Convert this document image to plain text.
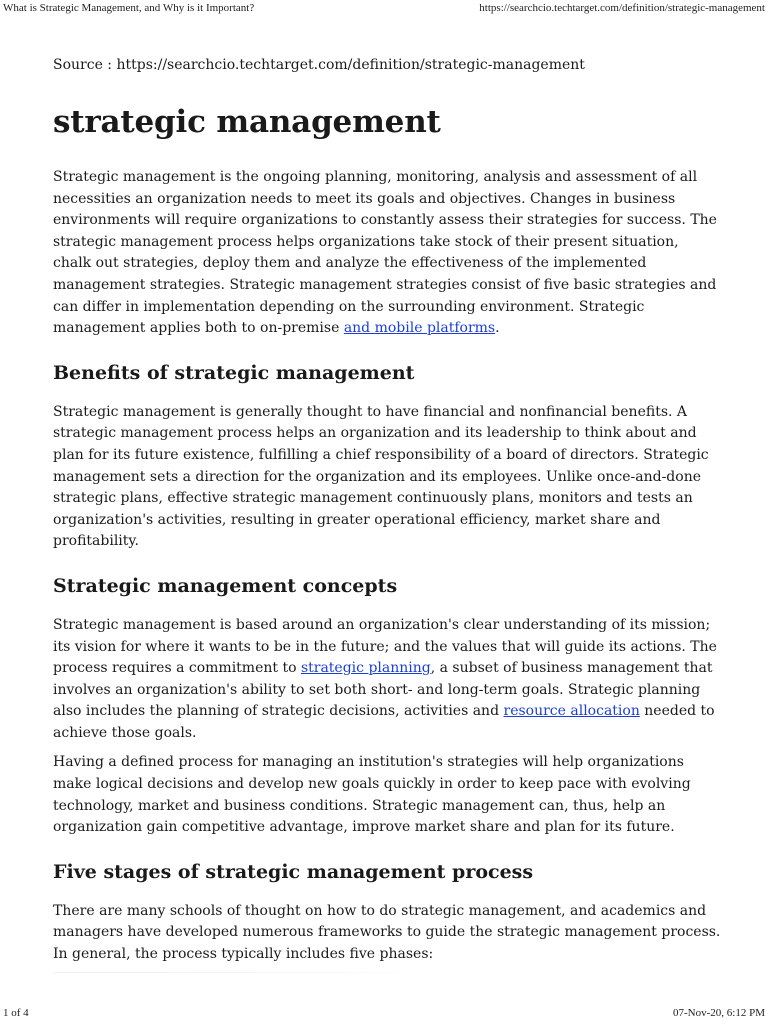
What is Strategic Management, and Why is it Important?	https://searchcio.techtarget.com/definition/strategic-management

Source : https://searchcio.techtarget.com/definition/strategic-management

strategic management

Strategic management is the ongoing planning, monitoring, analysis and assessment of all necessities an organization needs to meet its goals and objectives. Changes in business environments will require organizations to constantly assess their strategies for success. The strategic management process helps organizations take stock of their present situation, chalk out strategies, deploy them and analyze the effectiveness of the implemented management strategies. Strategic management strategies consist of five basic strategies and can differ in implementation depending on the surrounding environment. Strategic management applies both to on-premise and mobile platforms.

Benefits of strategic management

Strategic management is generally thought to have financial and nonfinancial benefits. A strategic management process helps an organization and its leadership to think about and plan for its future existence, fulfilling a chief responsibility of a board of directors. Strategic management sets a direction for the organization and its employees. Unlike once-and-done strategic plans, effective strategic management continuously plans, monitors and tests an organization's activities, resulting in greater operational efficiency, market share and profitability.

Strategic management concepts

Strategic management is based around an organization's clear understanding of its mission; its vision for where it wants to be in the future; and the values that will guide its actions. The process requires a commitment to strategic planning, a subset of business management that involves an organization's ability to set both short- and long-term goals. Strategic planning also includes the planning of strategic decisions, activities and resource allocation needed to achieve those goals.

Having a defined process for managing an institution's strategies will help organizations make logical decisions and develop new goals quickly in order to keep pace with evolving technology, market and business conditions. Strategic management can, thus, help an organization gain competitive advantage, improve market share and plan for its future.

Five stages of strategic management process

There are many schools of thought on how to do strategic management, and academics and managers have developed numerous frameworks to guide the strategic management process. In general, the process typically includes five phases:

1 of 4	07-Nov-20, 6:12 PM
